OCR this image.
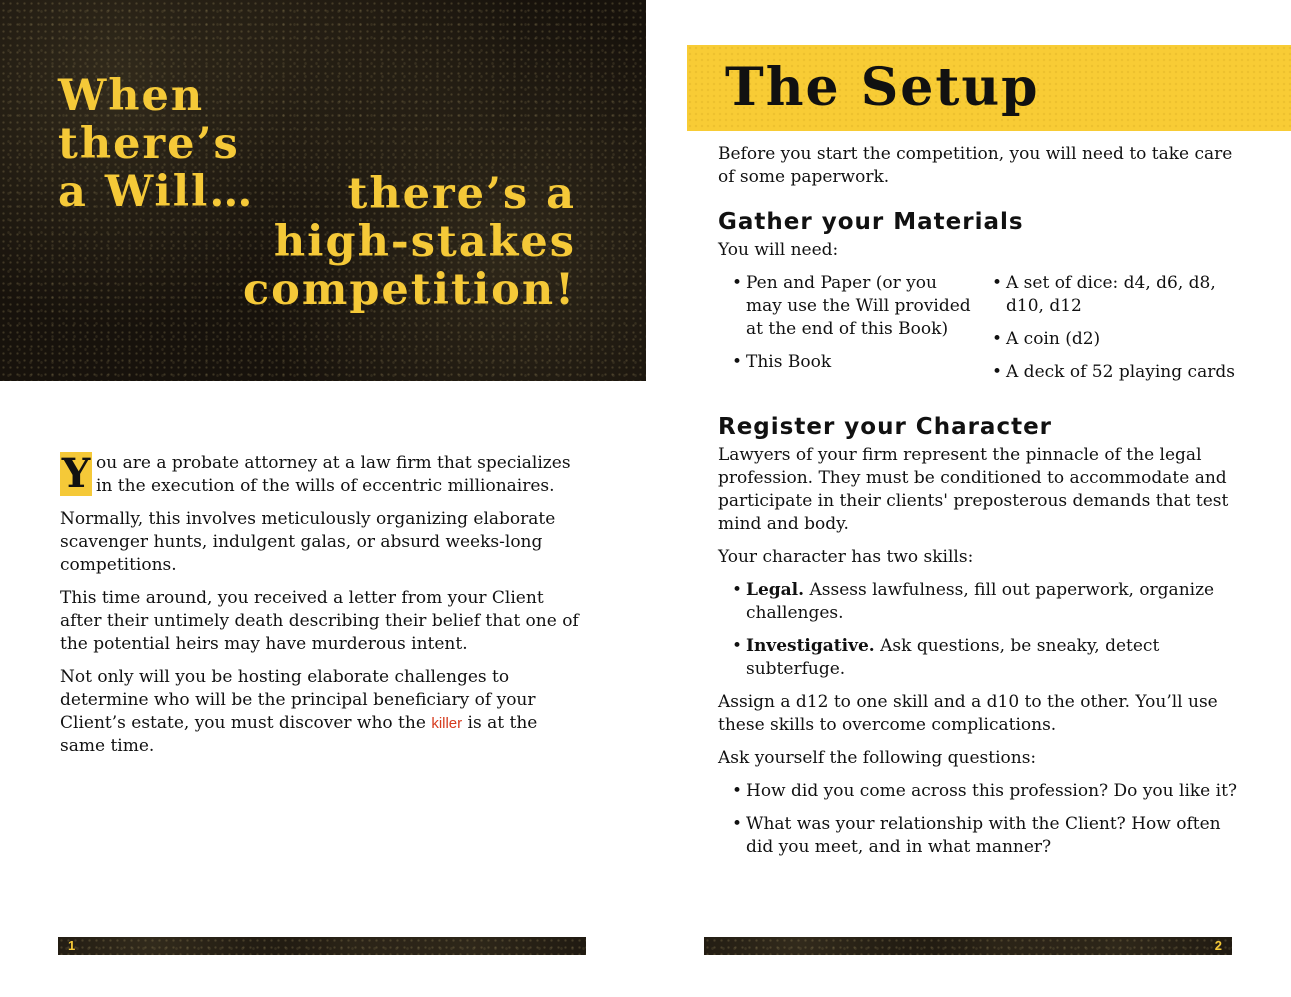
When
there’s
a Will…	there’s a
high-stakes
competition!

Y ou are a probate attorney at a law firm that specializes in the execution of the wills of eccentric millionaires.

Normally, this involves meticulously organizing elaborate scavenger hunts, indulgent galas, or absurd weeks-long competitions.

This time around, you received a letter from your Client after their untimely death describing their belief that one of the potential heirs may have murderous intent.

Not only will you be hosting elaborate challenges to determine who will be the principal beneficiary of your Client’s estate, you must discover who the killer is at the same time.

1
The Setup

Before you start the competition, you will need to take care of some paperwork.

Gather your Materials
You will need:
• Pen and Paper (or you may use the Will provided at the end of this Book)
• This Book
• A set of dice: d4, d6, d8, d10, d12
• A coin (d2)
• A deck of 52 playing cards
Register your Character

Lawyers of your firm represent the pinnacle of the legal profession. They must be conditioned to accommodate and participate in their clients' preposterous demands that test mind and body.

Your character has two skills:

• Legal. Assess lawfulness, fill out paperwork, organize challenges.
• Investigative. Ask questions, be sneaky, detect subterfuge.

Assign a d12 to one skill and a d10 to the other. You’ll use these skills to overcome complications.

Ask yourself the following questions:

• How did you come across this profession? Do you like it?
• What was your relationship with the Client? How often did you meet, and in what manner?
2
